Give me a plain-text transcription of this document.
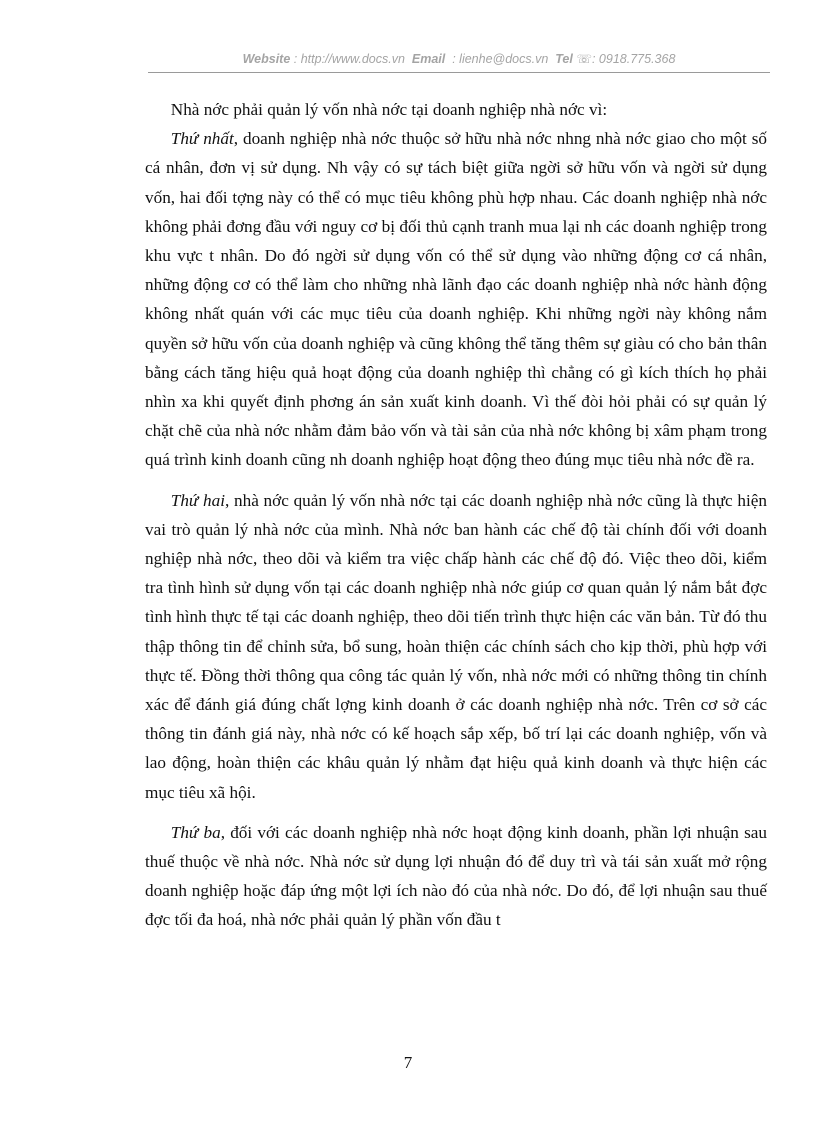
Website : http://www.docs.vn Email : lienhe@docs.vn Tel ☏: 0918.775.368

  Nhà nớc phải quản lý vốn nhà nớc tại doanh nghiệp nhà nớc vì:

  Thứ nhất, doanh nghiệp nhà nớc thuộc sở hữu nhà nớc nhng nhà nớc giao cho một số cá nhân, đơn vị sử dụng. Nh vậy có sự tách biệt giữa ngời sở hữu vốn và ngời sử dụng vốn, hai đối tợng này có thể có mục tiêu không phù hợp nhau. Các doanh nghiệp nhà nớc không phải đơng đầu với nguy cơ bị đối thủ cạnh tranh mua lại nh các doanh nghiệp trong khu vực t nhân. Do đó ngời sử dụng vốn có thể sử dụng vào những động cơ cá nhân, những động cơ có thể làm cho những nhà lãnh đạo các doanh nghiệp nhà nớc hành động không nhất quán với các mục tiêu của doanh nghiệp. Khi những ngời này không nắm quyền sở hữu vốn của doanh nghiệp và cũng không thể tăng thêm sự giàu có cho bản thân bằng cách tăng hiệu quả hoạt động của doanh nghiệp thì chẳng có gì kích thích họ phải nhìn xa khi quyết định phơng án sản xuất kinh doanh. Vì thế đòi hỏi phải có sự quản lý chặt chẽ của nhà nớc nhằm đảm bảo vốn và tài sản của nhà nớc không bị xâm phạm trong quá trình kinh doanh cũng nh doanh nghiệp hoạt động theo đúng mục tiêu nhà nớc đề ra.

  Thứ hai, nhà nớc quản lý vốn nhà nớc tại các doanh nghiệp nhà nớc cũng là thực hiện vai trò quản lý nhà nớc của mình. Nhà nớc ban hành các chế độ tài chính đối với doanh nghiệp nhà nớc, theo dõi và kiểm tra việc chấp hành các chế độ đó. Việc theo dõi, kiểm tra tình hình sử dụng vốn tại các doanh nghiệp nhà nớc giúp cơ quan quản lý nắm bắt đợc tình hình thực tế tại các doanh nghiệp, theo dõi tiến trình thực hiện các văn bản. Từ đó thu thập thông tin để chỉnh sửa, bổ sung, hoàn thiện các chính sách cho kịp thời, phù hợp với thực tế. Đồng thời thông qua công tác quản lý vốn, nhà nớc mới có những thông tin chính xác để đánh giá đúng chất lợng kinh doanh ở các doanh nghiệp nhà nớc. Trên cơ sở các thông tin đánh giá này, nhà nớc có kế hoạch sắp xếp, bố trí lại các doanh nghiệp, vốn và lao động, hoàn thiện các khâu quản lý nhằm đạt hiệu quả kinh doanh và thực hiện các mục tiêu xã hội.

  Thứ ba, đối với các doanh nghiệp nhà nớc hoạt động kinh doanh, phần lợi nhuận sau thuế thuộc về nhà nớc. Nhà nớc sử dụng lợi nhuận đó để duy trì và tái sản xuất mở rộng doanh nghiệp hoặc đáp ứng một lợi ích nào đó của nhà nớc. Do đó, để lợi nhuận sau thuế đợc tối đa hoá, nhà nớc phải quản lý phần vốn đầu t

7
